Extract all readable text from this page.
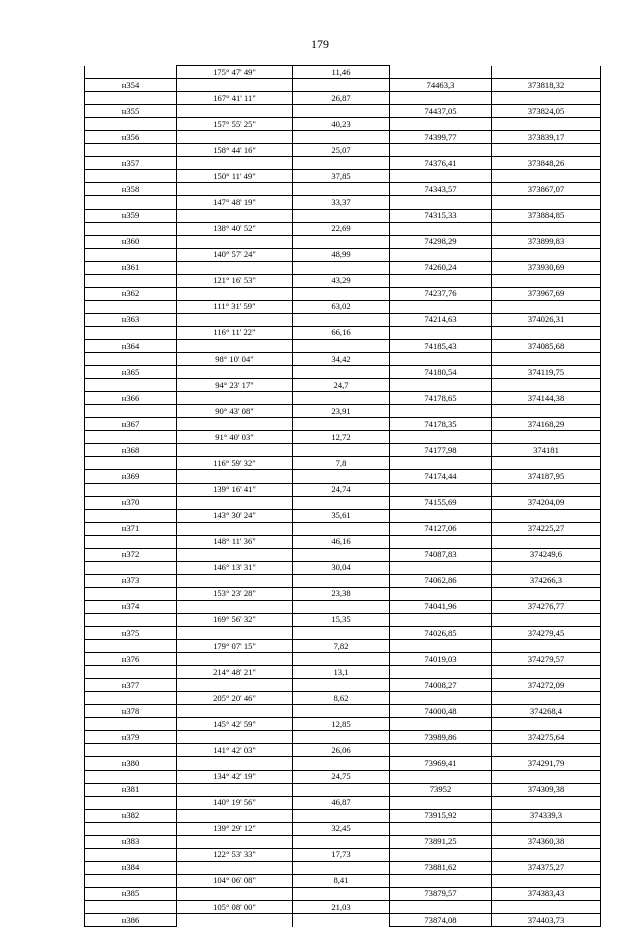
179
	175° 47' 49"	11,46		
н354			74463,3	373818,32
	167° 41' 11"	26,87		
н355			74437,05	373824,05
	157° 55' 25"	40,23		
н356			74399,77	373839,17
	158° 44' 16"	25,07		
н357			74376,41	373848,26
	150° 11' 49"	37,85		
н358			74343,57	373867,07
	147° 48' 19"	33,37		
н359			74315,33	373884,85
	138° 40' 52"	22,69		
н360			74298,29	373899,83
	140° 57' 24"	48,99		
н361			74260,24	373930,69
	121° 16' 53"	43,29		
н362			74237,76	373967,69
	111° 31' 59"	63,02		
н363			74214,63	374026,31
	116° 11' 22"	66,16		
н364			74185,43	374085,68
	98° 10' 04"	34,42		
н365			74180,54	374119,75
	94° 23' 17"	24,7		
н366			74178,65	374144,38
	90° 43' 08"	23,91		
н367			74178,35	374168,29
	91° 40' 03"	12,72		
н368			74177,98	374181
	116° 59' 32"	7,8		
н369			74174,44	374187,95
	139° 16' 41"	24,74		
н370			74155,69	374204,09
	143° 30' 24"	35,61		
н371			74127,06	374225,27
	148° 11' 36"	46,16		
н372			74087,83	374249,6
	146° 13' 31"	30,04		
н373			74062,86	374266,3
	153° 23' 28"	23,38		
н374			74041,96	374276,77
	169° 56' 32"	15,35		
н375			74026,85	374279,45
	179° 07' 15"	7,82		
н376			74019,03	374279,57
	214° 48' 21"	13,1		
н377			74008,27	374272,09
	205° 20' 46"	8,62		
н378			74000,48	374268,4
	145° 42' 59"	12,85		
н379			73989,86	374275,64
	141° 42' 03"	26,06		
н380			73969,41	374291,79
	134° 42' 19"	24,75		
н381			73952	374309,38
	140° 19' 56"	46,87		
н382			73915,92	374339,3
	139° 29' 12"	32,45		
н383			73891,25	374360,38
	122° 53' 33"	17,73		
н384			73881,62	374375,27
	104° 06' 08"	8,41		
н385			73879,57	374383,43
	105° 08' 00"	21,03		
н386			73874,08	374403,73
